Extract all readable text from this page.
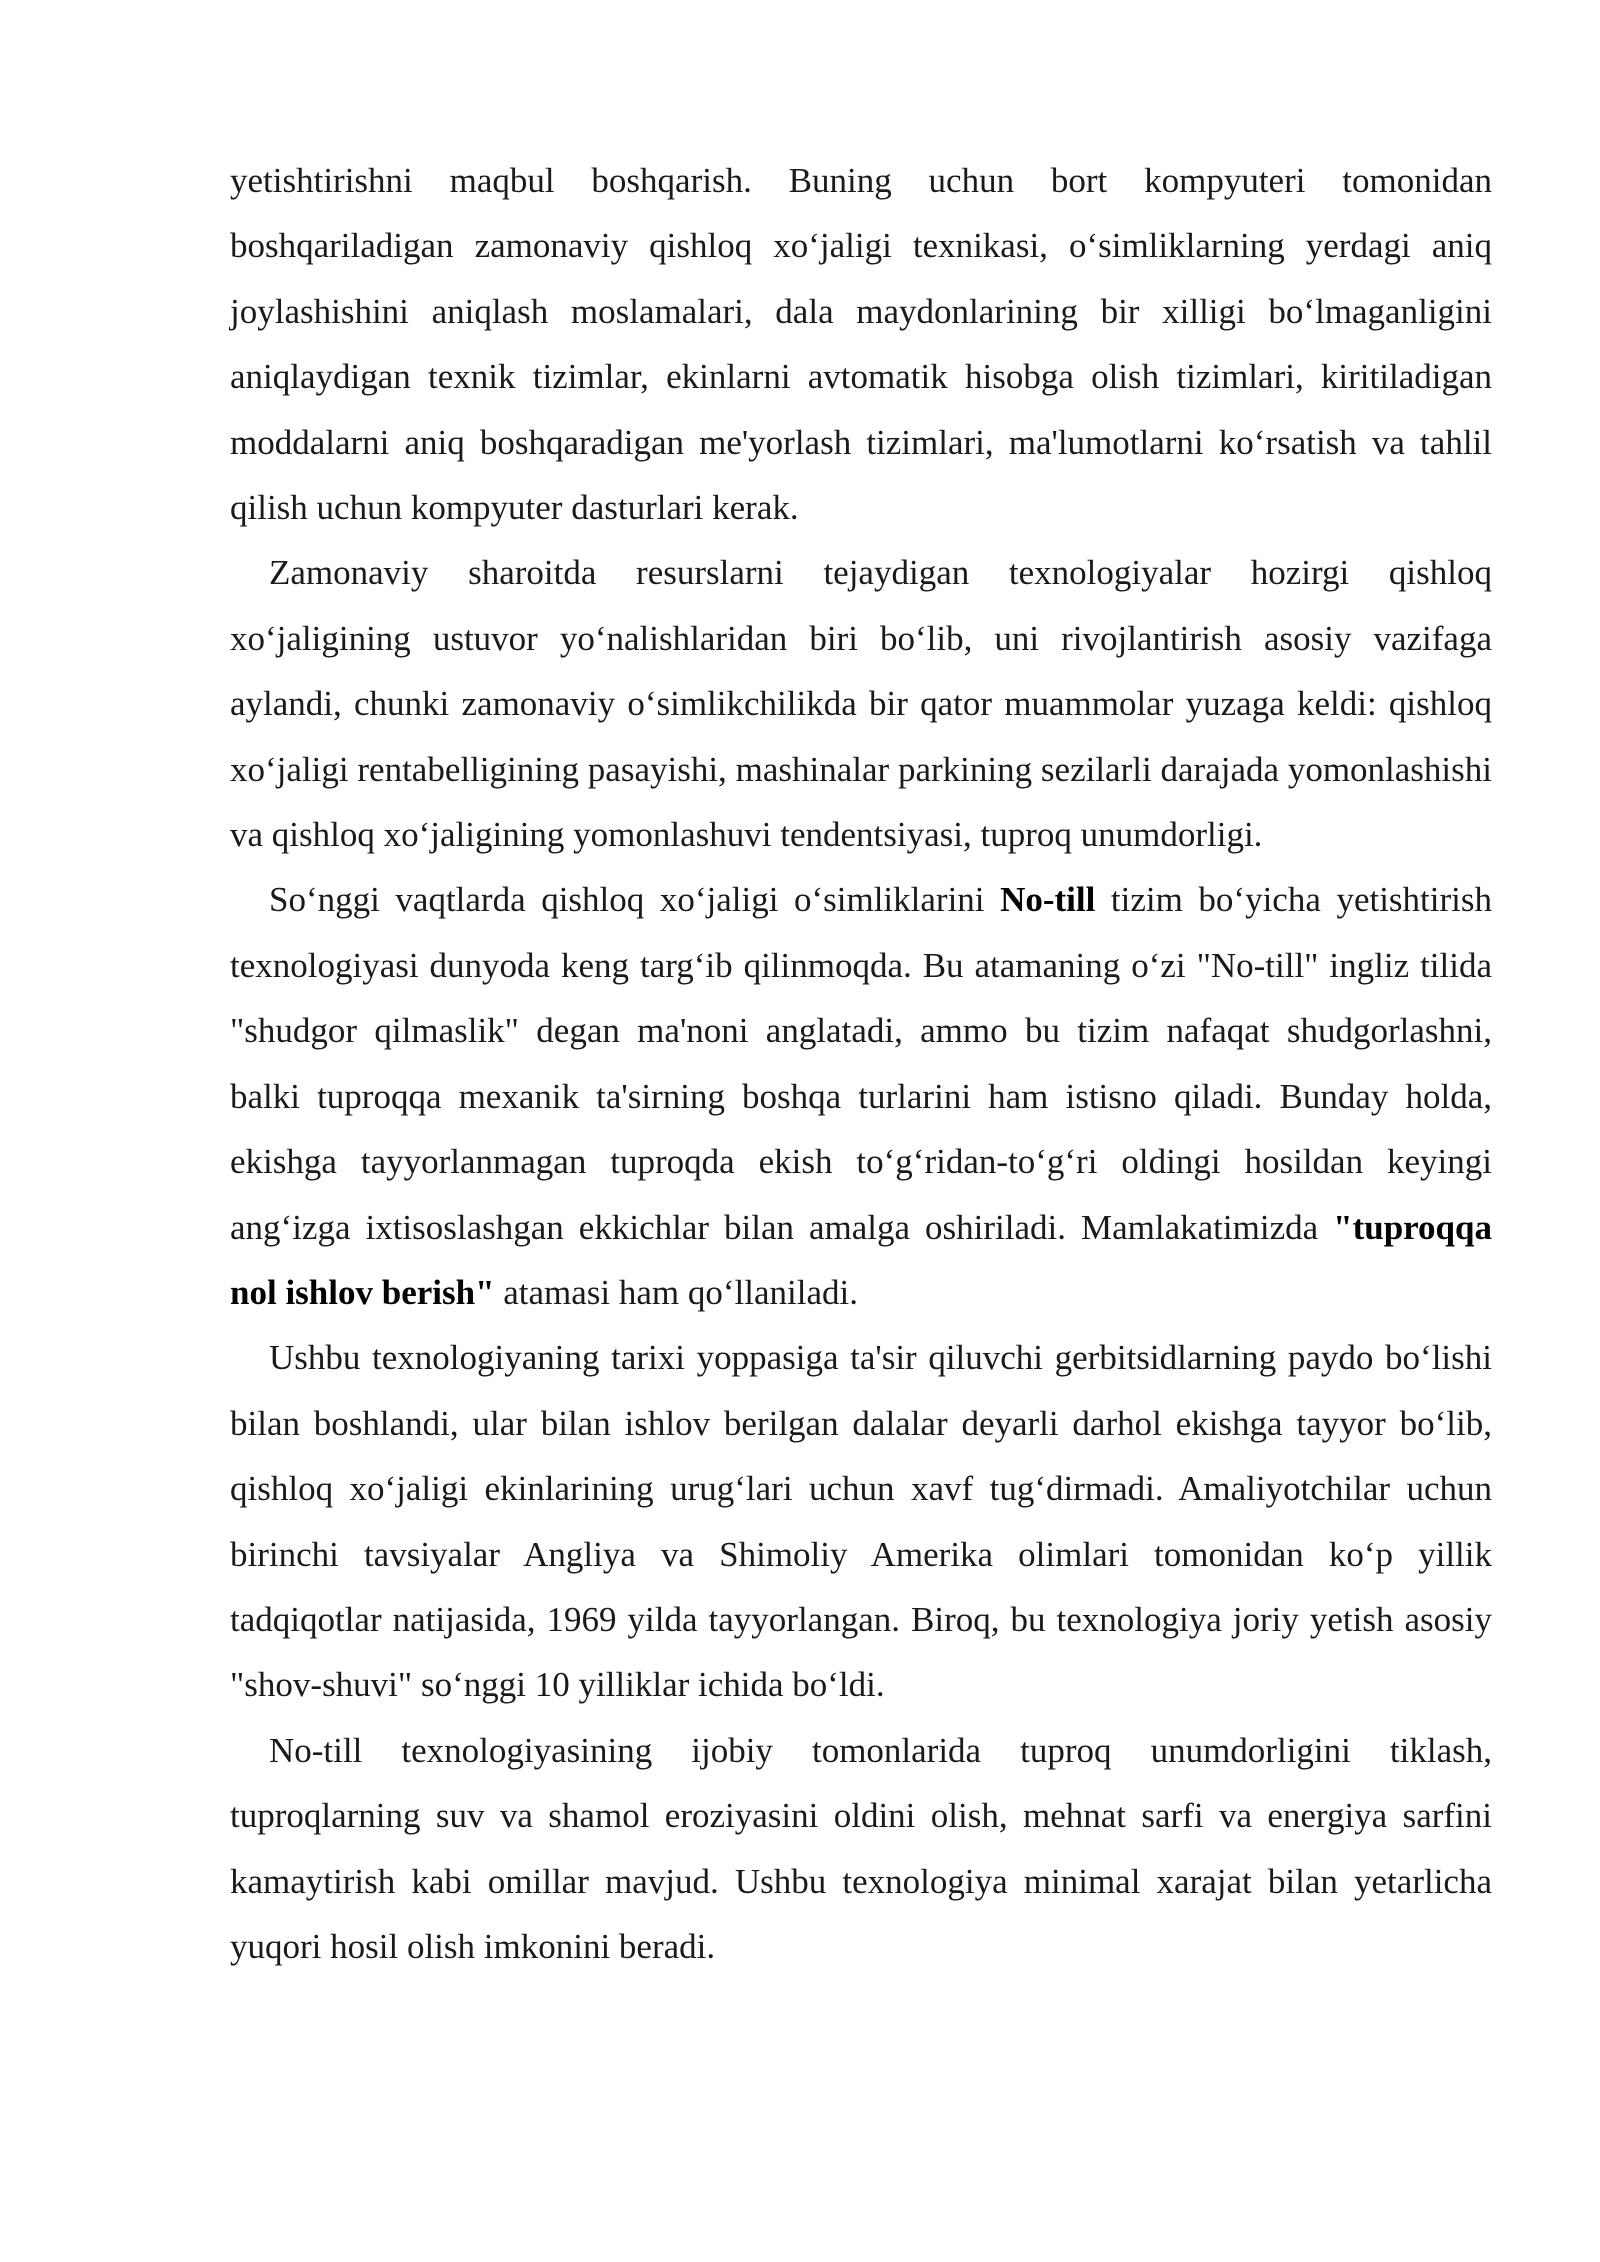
yetishtirishni maqbul boshqarish. Buning uchun bort kompyuteri tomonidan boshqariladigan zamonaviy qishloq xo‘jaligi texnikasi, o‘simliklarning yerdagi aniq joylashishini aniqlash moslamalari, dala maydonlarining bir xilligi bo‘lmaganligini aniqlaydigan texnik tizimlar, ekinlarni avtomatik hisobga olish tizimlari, kiritiladigan moddalarni aniq boshqaradigan me'yorlash tizimlari, ma'lumotlarni ko‘rsatish va tahlil qilish uchun kompyuter dasturlari kerak.

Zamonaviy sharoitda resurslarni tejaydigan texnologiyalar hozirgi qishloq xo‘jaligining ustuvor yo‘nalishlaridan biri bo‘lib, uni rivojlantirish asosiy vazifaga aylandi, chunki zamonaviy o‘simlikchilikda bir qator muammolar yuzaga keldi: qishloq xo‘jaligi rentabelligining pasayishi, mashinalar parkining sezilarli darajada yomonlashishi va qishloq xo‘jaligining yomonlashuvi tendentsiyasi, tuproq unumdorligi.

So‘nggi vaqtlarda qishloq xo‘jaligi o‘simliklarini No-till tizim bo‘yicha yetishtirish texnologiyasi dunyoda keng targ‘ib qilinmoqda. Bu atamaning o‘zi "No-till" ingliz tilida "shudgor qilmaslik" degan ma'noni anglatadi, ammo bu tizim nafaqat shudgorlashni, balki tuproqqa mexanik ta'sirning boshqa turlarini ham istisno qiladi. Bunday holda, ekishga tayyorlanmagan tuproqda ekish to‘g‘ridan-to‘g‘ri oldingi hosildan keyingi ang‘izga ixtisoslashgan ekkichlar bilan amalga oshiriladi. Mamlakatimizda "tuproqqa nol ishlov berish" atamasi ham qo‘llaniladi.

Ushbu texnologiyaning tarixi yoppasiga ta'sir qiluvchi gerbitsidlarning paydo bo‘lishi bilan boshlandi, ular bilan ishlov berilgan dalalar deyarli darhol ekishga tayyor bo‘lib, qishloq xo‘jaligi ekinlarining urug‘lari uchun xavf tug‘dirmadi. Amaliyotchilar uchun birinchi tavsiyalar Angliya va Shimoliy Amerika olimlari tomonidan ko‘p yillik tadqiqotlar natijasida, 1969 yilda tayyorlangan. Biroq, bu texnologiya joriy yetish asosiy "shov-shuvi" so‘nggi 10 yilliklar ichida bo‘ldi.

No-till texnologiyasining ijobiy tomonlarida tuproq unumdorligini tiklash, tuproqlarning suv va shamol eroziyasini oldini olish, mehnat sarfi va energiya sarfini kamaytirish kabi omillar mavjud. Ushbu texnologiya minimal xarajat bilan yetarlicha yuqori hosil olish imkonini beradi.
